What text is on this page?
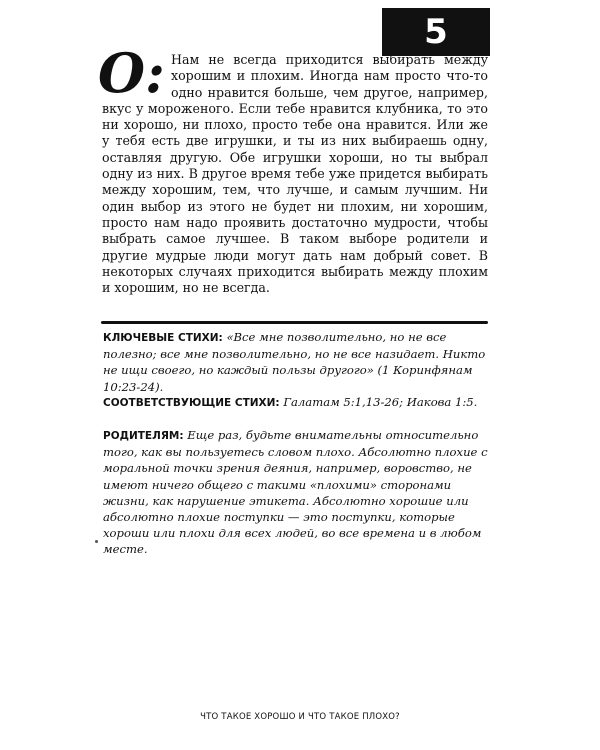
5
О: Нам не всегда приходится выбирать между хорошим и плохим. Иногда нам просто что-то одно нравится больше, чем другое, например, вкус у мороженого. Если тебе нравится клубника, то это ни хорошо, ни плохо, просто тебе она нравится. Или же у тебя есть две игрушки, и ты из них выбираешь одну, оставляя другую. Обе игрушки хороши, но ты выбрал одну из них. В другое время тебе уже придется выбирать между хорошим, тем, что лучше, и самым лучшим. Ни один выбор из этого не будет ни плохим, ни хорошим, просто нам надо проявить достаточно мудрости, чтобы выбрать самое лучшее. В таком выборе родители и другие мудрые люди могут дать нам добрый совет. В некоторых случаях приходится выбирать между плохим и хорошим, но не всегда.
КЛЮЧЕВЫЕ СТИХИ: «Все мне позволительно, но не все полезно; все мне позволительно, но не все назидает. Никто не ищи своего, но каждый пользы другого» (1 Коринфянам 10:23-24).
СООТВЕТСТВУЮЩИЕ СТИХИ: Галатам 5:1,13-26; Иакова 1:5.
РОДИТЕЛЯМ: Еще раз, будьте внимательны относительно того, как вы пользуетесь словом плохо. Абсолютно плохие с моральной точки зрения деяния, например, воровство, не имеют ничего общего с такими «плохими» сторонами жизни, как нарушение этикета. Абсолютно хорошие или абсолютно плохие поступки — это поступки, которые хороши или плохи для всех людей, во все времена и в любом месте.
ЧТО ТАКОЕ ХОРОШО И ЧТО ТАКОЕ ПЛОХО?
